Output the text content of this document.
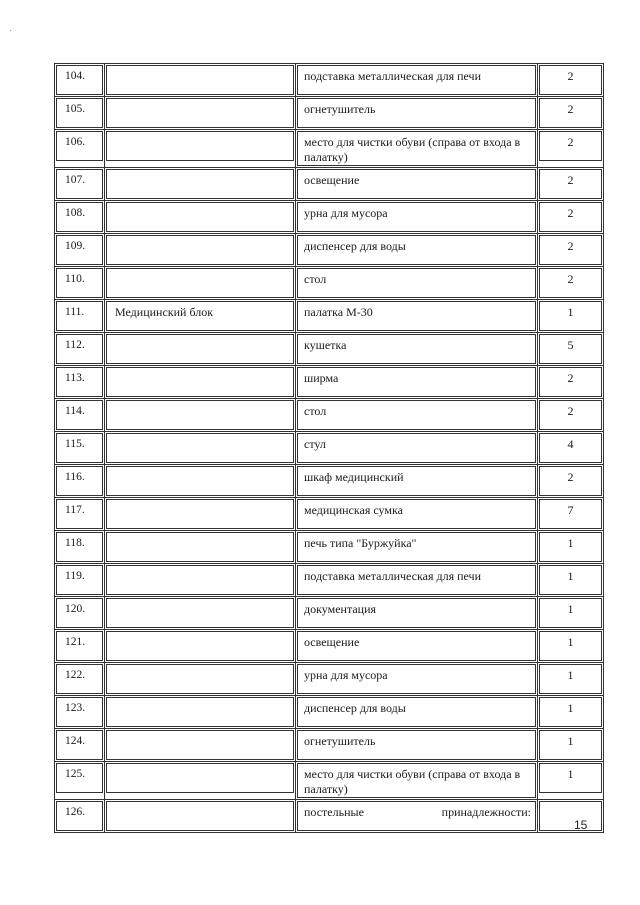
104.		подставка металлическая для печи	2

105.		огнетушитель	2

106.		место для чистки обуви (справа от входа в палатку)	2

107.		освещение	2

108.		урна для мусора	2

109.		диспенсер для воды	2

110.		стол	2

111.	Медицинский блок	палатка М-30	1

112.		кушетка	5

113.		ширма	2

114.		стол	2

115.		стул	4

116.		шкаф медицинский	2

117.		медицинская сумка	7

118.		печь типа "Буржуйка"	1

119.		подставка металлическая для печи	1

120.		документация	1

121.		освещение	1

122.		урна для мусора	1

123.		диспенсер для воды	1

124.		огнетушитель	1

125.		место для чистки обуви (справа от входа в палатку)	1

126.		постельные принадлежности:	

15
